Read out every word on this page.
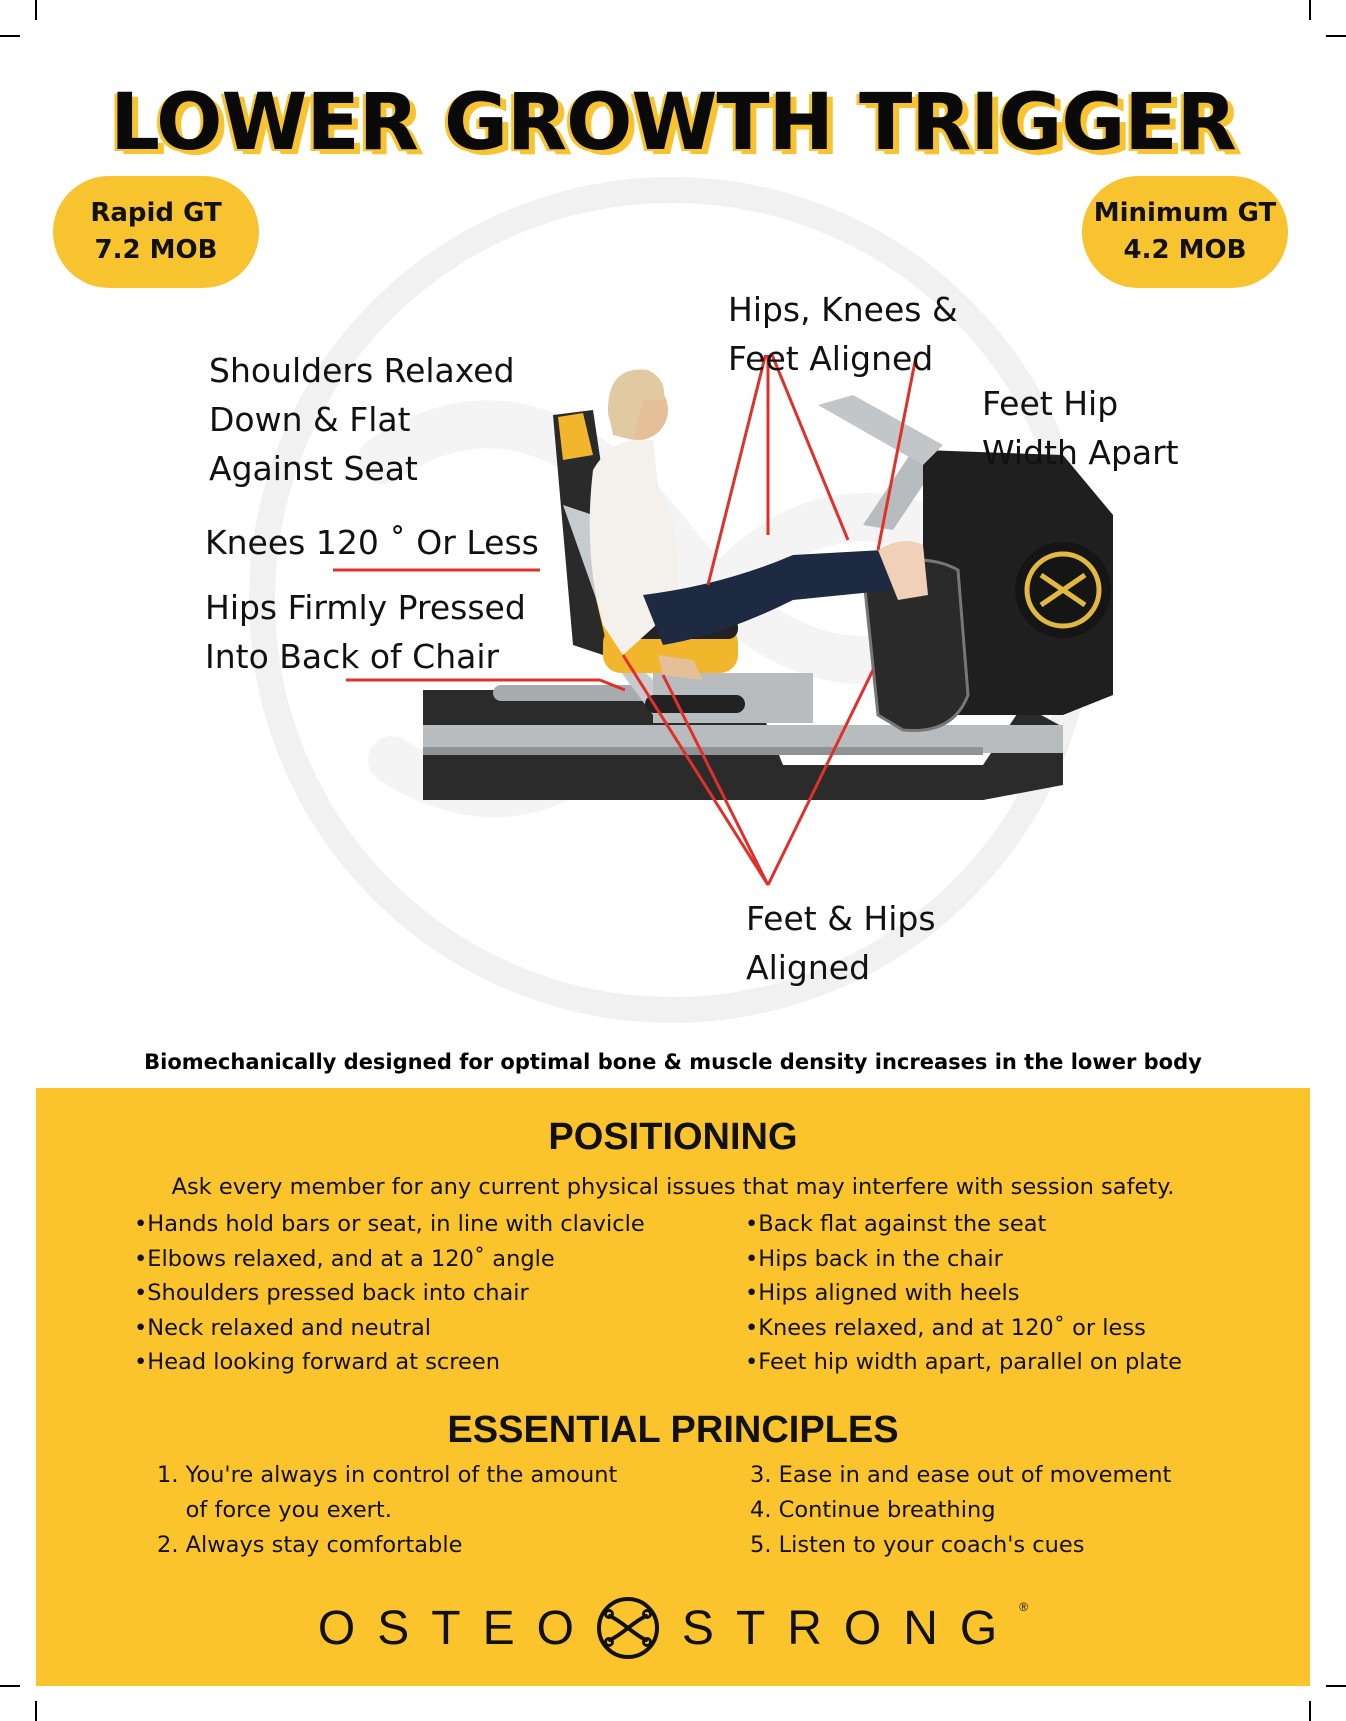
LOWER GROWTH TRIGGER
Rapid GT
7.2 MOB
Minimum GT
4.2 MOB
Shoulders Relaxed
Down & Flat
Against Seat
Knees 120 ˚ Or Less
Hips Firmly Pressed
Into Back of Chair
Hips, Knees &
Feet Aligned
Feet Hip
Width Apart
Feet & Hips
Aligned
Biomechanically designed for optimal bone & muscle density increases in the lower body
POSITIONING
Ask every member for any current physical issues that may interfere with session safety.
•Hands hold bars or seat, in line with clavicle
•Elbows relaxed, and at a 120˚ angle
•Shoulders pressed back into chair
•Neck relaxed and neutral
•Head looking forward at screen
•Back flat against the seat
•Hips back in the chair
•Hips aligned with heels
•Knees relaxed, and at 120˚ or less
•Feet hip width apart, parallel on plate
ESSENTIAL PRINCIPLES
1. You're always in control of the amount
of force you exert.
2. Always stay comfortable
3. Ease in and ease out of movement
4. Continue breathing
5. Listen to your coach's cues
OSTEO STRONG ®
